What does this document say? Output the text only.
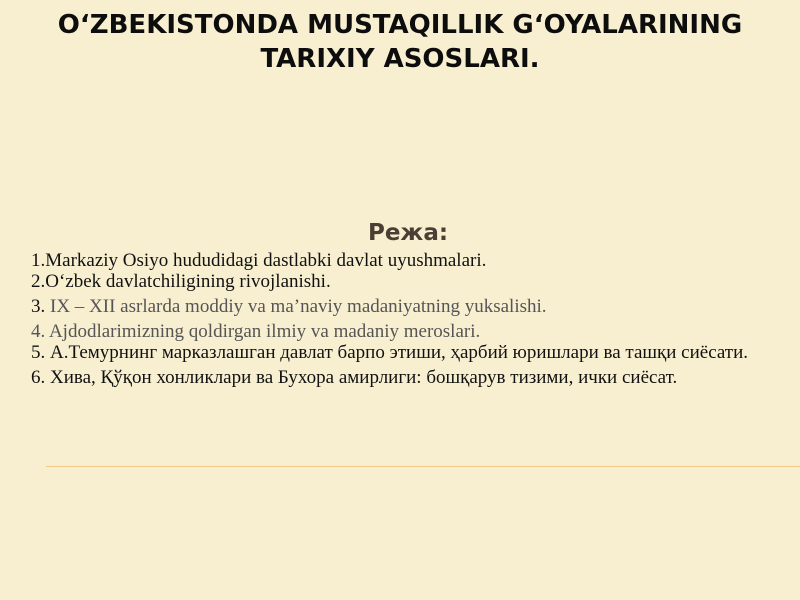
O‘ZBEKISTONDA MUSTAQILLIK G‘OYALARINING
TARIXIY ASOSLARI.
Режа:
1.Markaziy Osiyo hududidagi dastlabki davlat uyushmalari.
2.O‘zbek davlatchiligining rivojlanishi.
3. IX – XII asrlarda moddiy va ma’naviy madaniyatning yuksalishi.
4. Ajdodlarimizning qoldirgan ilmiy va madaniy meroslari.
5. А.Темурнинг марказлашган давлат барпо этиши, ҳарбий юришлари ва ташқи сиёсати.
6. Хива, Қўқон хонликлари ва Бухора амирлиги: бошқарув тизими, ички сиёсат.
